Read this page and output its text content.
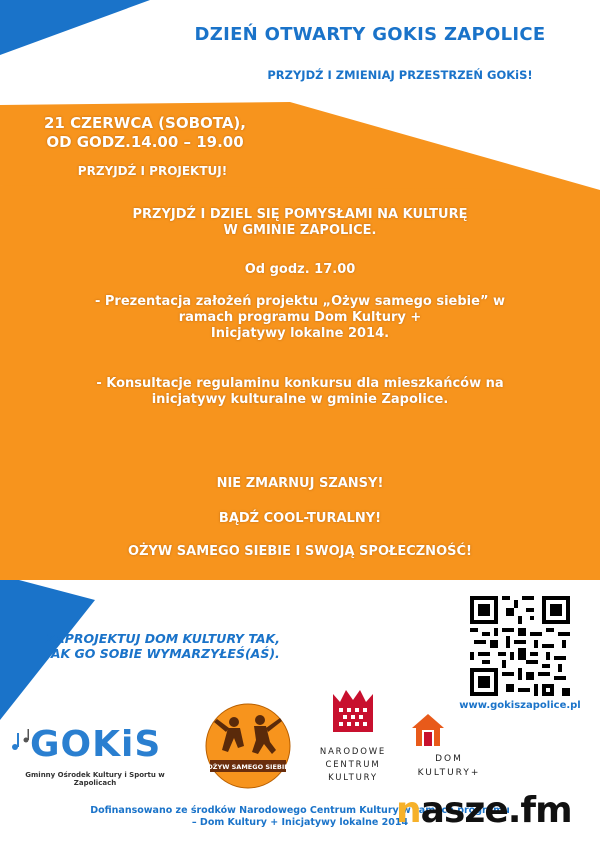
DZIEŃ OTWARTY GOKIS ZAPOLICE
PRZYJDŹ I ZMIENIAJ PRZESTRZEŃ GOKiS!
21 CZERWCA (SOBOTA),
OD GODZ.14.00 – 19.00
PRZYJDŹ I PROJEKTUJ!
PRZYJDŹ I DZIEL SIĘ POMYSŁAMI NA KULTURĘ
W GMINIE ZAPOLICE.
Od godz. 17.00
- Prezentacja założeń projektu „Ożyw samego siebie” w
ramach programu Dom Kultury +
Inicjatywy lokalne 2014.
- Konsultacje regulaminu konkursu dla mieszkańców na
inicjatywy kulturalne w gminie Zapolice.
NIE ZMARNUJ SZANSY!
BĄDŹ COOL-TURALNY!
OŻYW SAMEGO SIEBIE I SWOJĄ SPOŁECZNOŚĆ!
ZAPROJEKTUJ DOM KULTURY TAK,
JAK GO SOBIE WYMARZYŁEŚ(AŚ).
www.gokiszapolice.pl
GOKiS
Gminny Ośrodek Kultury i Sportu w Zapolicach
OŻYW SAMEGO SIEBIE
NARODOWE
CENTRUM
KULTURY
DOM
KULTURY+
Dofinansowano ze środków Narodowego Centrum Kultury w ramach programu
– Dom Kultury + Inicjatywy lokalne 2014
nasze.fm
